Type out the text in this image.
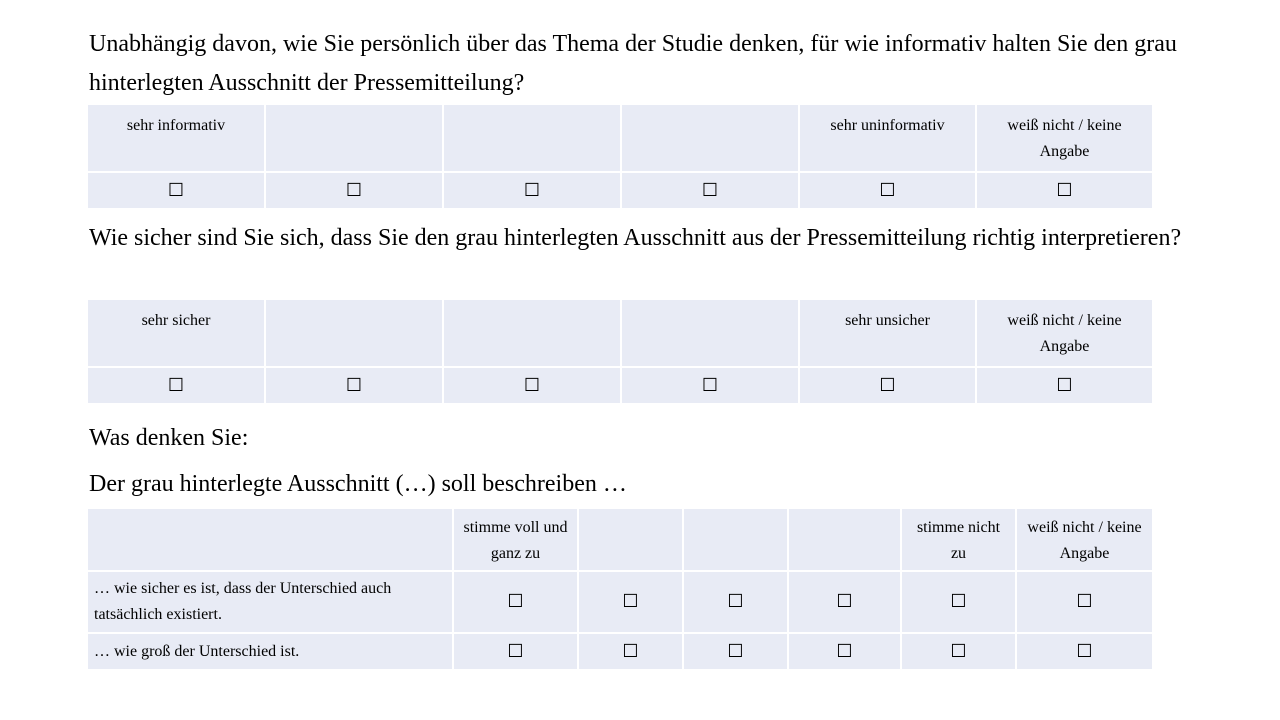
Unabhängig davon, wie Sie persönlich über das Thema der Studie denken, für wie informativ halten Sie den grau hinterlegten Ausschnitt der Pressemitteilung?

sehr informativ				sehr uninformativ	weiß nicht / keine Angabe
☐	☐	☐	☐	☐	☐

Wie sicher sind Sie sich, dass Sie den grau hinterlegten Ausschnitt aus der Pressemitteilung richtig interpretieren?

sehr sicher				sehr unsicher	weiß nicht / keine Angabe
☐	☐	☐	☐	☐	☐

Was denken Sie:

Der grau hinterlegte Ausschnitt (…) soll beschreiben …

	stimme voll und ganz zu				stimme nicht zu	weiß nicht / keine Angabe
… wie sicher es ist, dass der Unterschied auch tatsächlich existiert.	☐	☐	☐	☐	☐	☐
… wie groß der Unterschied ist.	☐	☐	☐	☐	☐	☐
